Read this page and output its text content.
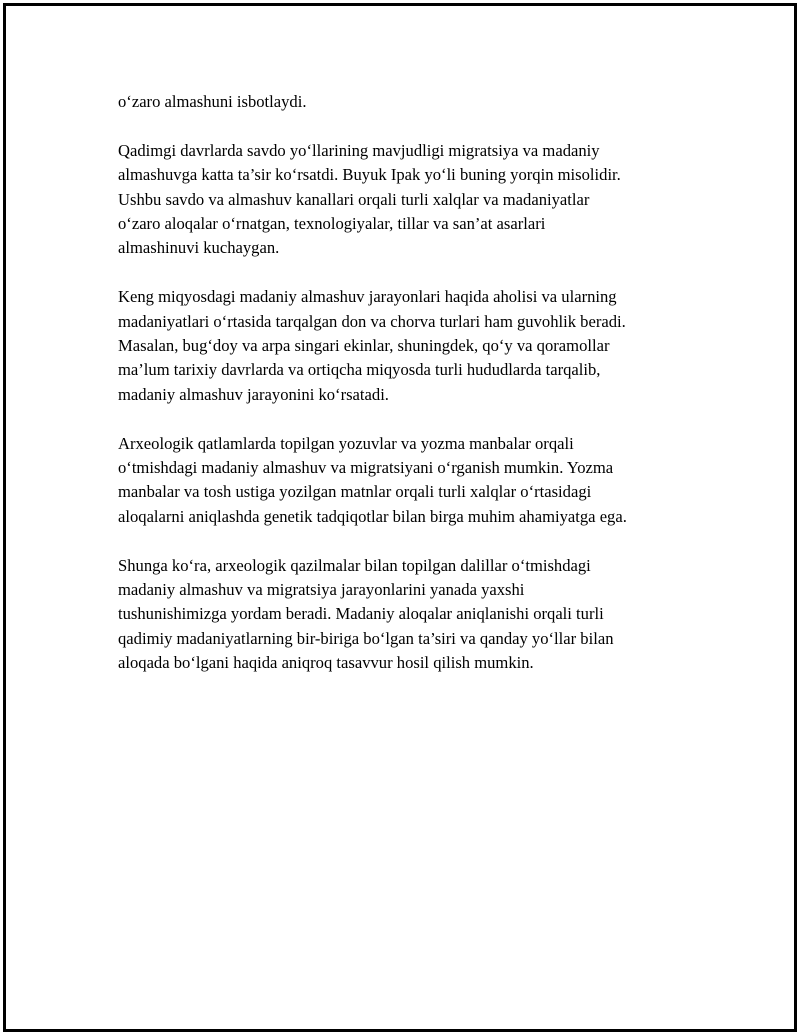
o‘zaro almashuni isbotlaydi.

Qadimgi davrlarda savdo yo‘llarining mavjudligi migratsiya va madaniy
almashuvga katta ta’sir ko‘rsatdi. Buyuk Ipak yo‘li buning yorqin misolidir.
Ushbu savdo va almashuv kanallari orqali turli xalqlar va madaniyatlar
o‘zaro aloqalar o‘rnatgan, texnologiyalar, tillar va san’at asarlari
almashinuvi kuchaygan.

Keng miqyosdagi madaniy almashuv jarayonlari haqida aholisi va ularning
madaniyatlari o‘rtasida tarqalgan don va chorva turlari ham guvohlik beradi.
Masalan, bug‘doy va arpa singari ekinlar, shuningdek, qo‘y va qoramollar
ma’lum tarixiy davrlarda va ortiqcha miqyosda turli hududlarda tarqalib,
madaniy almashuv jarayonini ko‘rsatadi.

Arxeologik qatlamlarda topilgan yozuvlar va yozma manbalar orqali
o‘tmishdagi madaniy almashuv va migratsiyani o‘rganish mumkin. Yozma
manbalar va tosh ustiga yozilgan matnlar orqali turli xalqlar o‘rtasidagi
aloqalarni aniqlashda genetik tadqiqotlar bilan birga muhim ahamiyatga ega.

Shunga ko‘ra, arxeologik qazilmalar bilan topilgan dalillar o‘tmishdagi
madaniy almashuv va migratsiya jarayonlarini yanada yaxshi
tushunishimizga yordam beradi. Madaniy aloqalar aniqlanishi orqali turli
qadimiy madaniyatlarning bir-biriga bo‘lgan ta’siri va qanday yo‘llar bilan
aloqada bo‘lgani haqida aniqroq tasavvur hosil qilish mumkin.
